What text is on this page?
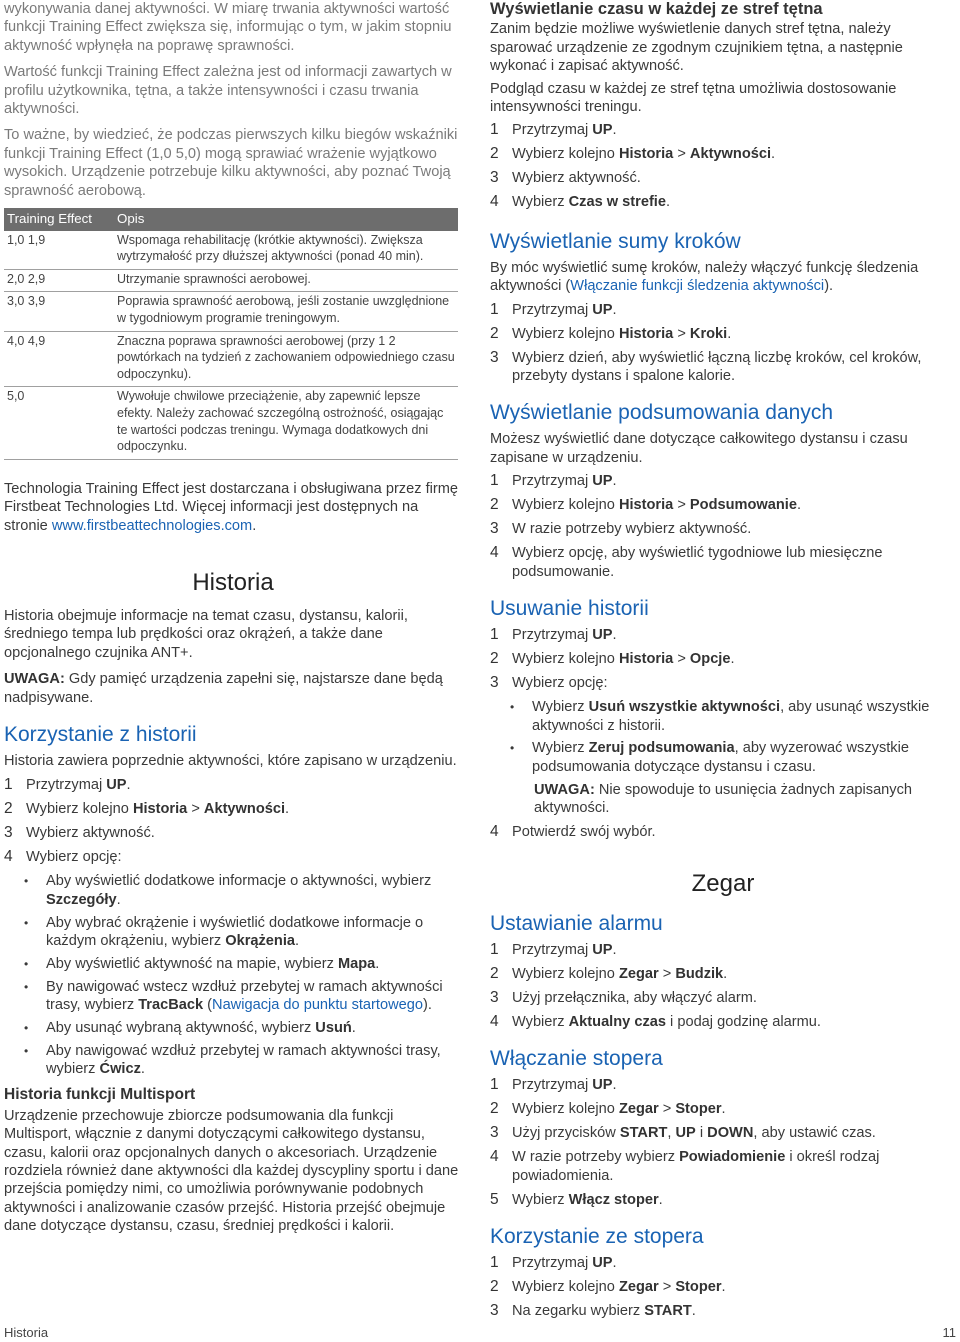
wykonywania danej aktywności. W miarę trwania aktywności wartość funkcji Training Effect zwiększa się, informując o tym, w jakim stopniu aktywność wpłynęła na poprawę sprawności.

Wartość funkcji Training Effect zależna jest od informacji zawartych w profilu użytkownika, tętna, a także intensywności i czasu trwania aktywności.

To ważne, by wiedzieć, że podczas pierwszych kilku biegów wskaźniki funkcji Training Effect (1,0 5,0) mogą sprawiać wrażenie wyjątkowo wysokich. Urządzenie potrzebuje kilku aktywności, aby poznać Twoją sprawność aerobową.

Training Effect	Opis
1,0 1,9	Wspomaga rehabilitację (krótkie aktywności). Zwiększa wytrzymałość przy dłuższej aktywności (ponad 40 min).
2,0 2,9	Utrzymanie sprawności aerobowej.
3,0 3,9	Poprawia sprawność aerobową, jeśli zostanie uwzględnione w tygodniowym programie treningowym.
4,0 4,9	Znaczna poprawa sprawności aerobowej (przy 1 2 powtórkach na tydzień z zachowaniem odpowiedniego czasu odpoczynku).
5,0	Wywołuje chwilowe przeciążenie, aby zapewnić lepsze efekty. Należy zachować szczególną ostrożność, osiągając te wartości podczas treningu. Wymaga dodatkowych dni odpoczynku.

Technologia Training Effect jest dostarczana i obsługiwana przez firmę Firstbeat Technologies Ltd. Więcej informacji jest dostępnych na stronie www.firstbeattechnologies.com.

Historia

Historia obejmuje informacje na temat czasu, dystansu, kalorii, średniego tempa lub prędkości oraz okrążeń, a także dane opcjonalnego czujnika ANT+.

UWAGA: Gdy pamięć urządzenia zapełni się, najstarsze dane będą nadpisywane.

Korzystanie z historii

Historia zawiera poprzednie aktywności, które zapisano w urządzeniu.

1 Przytrzymaj UP.
2 Wybierz kolejno Historia > Aktywności.
3 Wybierz aktywność.
4 Wybierz opcję:
•	Aby wyświetlić dodatkowe informacje o aktywności, wybierz Szczegóły.
•	Aby wybrać okrążenie i wyświetlić dodatkowe informacje o każdym okrążeniu, wybierz Okrążenia.
•	Aby wyświetlić aktywność na mapie, wybierz Mapa.
•	By nawigować wstecz wzdłuż przebytej w ramach aktywności trasy, wybierz TracBack (Nawigacja do punktu startowego).
•	Aby usunąć wybraną aktywność, wybierz Usuń.
•	Aby nawigować wzdłuż przebytej w ramach aktywności trasy, wybierz Ćwicz.
Historia funkcji Multisport

Urządzenie przechowuje zbiorcze podsumowania dla funkcji Multisport, włącznie z danymi dotyczącymi całkowitego dystansu, czasu, kalorii oraz opcjonalnych danych o akcesoriach. Urządzenie rozdziela również dane aktywności dla każdej dyscypliny sportu i dane przejścia pomiędzy nimi, co umożliwia porównywanie podobnych aktywności i analizowanie czasów przejść. Historia przejść obejmuje dane dotyczące dystansu, czasu, średniej prędkości i kalorii.

Wyświetlanie czasu w każdej ze stref tętna

Zanim będzie możliwe wyświetlenie danych stref tętna, należy sparować urządzenie ze zgodnym czujnikiem tętna, a następnie wykonać i zapisać aktywność.

Podgląd czasu w każdej ze stref tętna umożliwia dostosowanie intensywności treningu.

1 Przytrzymaj UP.
2 Wybierz kolejno Historia > Aktywności.
3 Wybierz aktywność.
4 Wybierz Czas w strefie.
Wyświetlanie sumy kroków

By móc wyświetlić sumę kroków, należy włączyć funkcję śledzenia aktywności (Włączanie funkcji śledzenia aktywności).

1 Przytrzymaj UP.
2 Wybierz kolejno Historia > Kroki.
3 Wybierz dzień, aby wyświetlić łączną liczbę kroków, cel kroków, przebyty dystans i spalone kalorie.
Wyświetlanie podsumowania danych

Możesz wyświetlić dane dotyczące całkowitego dystansu i czasu zapisane w urządzeniu.

1 Przytrzymaj UP.
2 Wybierz kolejno Historia > Podsumowanie.
3 W razie potrzeby wybierz aktywność.
4 Wybierz opcję, aby wyświetlić tygodniowe lub miesięczne podsumowanie.
Usuwanie historii
1 Przytrzymaj UP.
2 Wybierz kolejno Historia > Opcje.
3 Wybierz opcję:
•	Wybierz Usuń wszystkie aktywności, aby usunąć wszystkie aktywności z historii.
•	Wybierz Zeruj podsumowania, aby wyzerować wszystkie podsumowania dotyczące dystansu i czasu.
UWAGA: Nie spowoduje to usunięcia żadnych zapisanych aktywności.
4 Potwierdź swój wybór.
Zegar
Ustawianie alarmu
1 Przytrzymaj UP.
2 Wybierz kolejno Zegar > Budzik.
3 Użyj przełącznika, aby włączyć alarm.
4 Wybierz Aktualny czas i podaj godzinę alarmu.
Włączanie stopera
1 Przytrzymaj UP.
2 Wybierz kolejno Zegar > Stoper.
3 Użyj przycisków START, UP i DOWN, aby ustawić czas.
4 W razie potrzeby wybierz Powiadomienie i określ rodzaj powiadomienia.
5 Wybierz Włącz stoper.
Korzystanie ze stopera
1 Przytrzymaj UP.
2 Wybierz kolejno Zegar > Stoper.
3 Na zegarku wybierz START.
Historia	11
